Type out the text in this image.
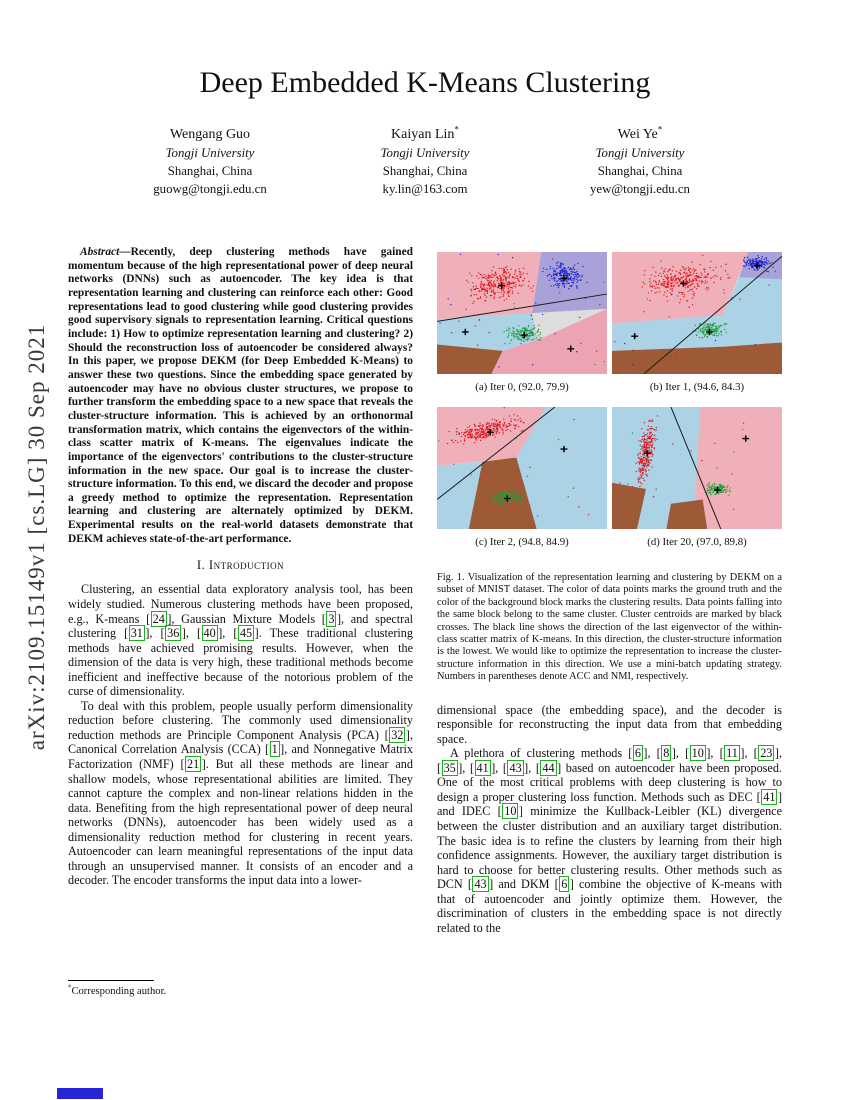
arXiv:2109.15149v1 [cs.LG] 30 Sep 2021
Deep Embedded K-Means Clustering
Wengang Guo
Tongji University
Shanghai, China
guowg@tongji.edu.cn
Kaiyan Lin*
Tongji University
Shanghai, China
ky.lin@163.com
Wei Ye*
Tongji University
Shanghai, China
yew@tongji.edu.cn

Abstract—Recently, deep clustering methods have gained momentum because of the high representational power of deep neural networks (DNNs) such as autoencoder. The key idea is that representation learning and clustering can reinforce each other: Good representations lead to good clustering while good clustering provides good supervisory signals to representation learning. Critical questions include: 1) How to optimize representation learning and clustering? 2) Should the reconstruction loss of autoencoder be considered always? In this paper, we propose DEKM (for Deep Embedded K-Means) to answer these two questions. Since the embedding space generated by autoencoder may have no obvious cluster structures, we propose to further transform the embedding space to a new space that reveals the cluster-structure information. This is achieved by an orthonormal transformation matrix, which contains the eigenvectors of the within-class scatter matrix of K-means. The eigenvalues indicate the importance of the eigenvectors' contributions to the cluster-structure information in the new space. Our goal is to increase the cluster-structure information. To this end, we discard the decoder and propose a greedy method to optimize the representation. Representation learning and clustering are alternately optimized by DEKM. Experimental results on the real-world datasets demonstrate that DEKM achieves state-of-the-art performance.

I. Introduction

Clustering, an essential data exploratory analysis tool, has been widely studied. Numerous clustering methods have been proposed, e.g., K-means [ 24 ], Gaussian Mixture Models [ 3 ], and spectral clustering [ 31 ], [ 36 ], [ 40 ], [ 45 ]. These traditional clustering methods have achieved promising results. However, when the dimension of the data is very high, these traditional methods become inefficient and ineffective because of the notorious problem of the curse of dimensionality.

To deal with this problem, people usually perform dimensionality reduction before clustering. The commonly used dimensionality reduction methods are Principle Component Analysis (PCA) [ 32 ], Canonical Correlation Analysis (CCA) [ 1 ], and Nonnegative Matrix Factorization (NMF) [ 21 ]. But all these methods are linear and shallow models, whose representational abilities are limited. They cannot capture the complex and non-linear relations hidden in the data. Benefiting from the high representational power of deep neural networks (DNNs), autoencoder has been widely used as a dimensionality reduction method for clustering in recent years. Autoencoder can learn meaningful representations of the input data through an unsupervised manner. It consists of an encoder and a decoder. The encoder transforms the input data into a lower-

(a) Iter 0, (92.0, 79.9)	(b) Iter 1, (94.6, 84.3)
(c) Iter 2, (94.8, 84.9)	(d) Iter 20, (97.0, 89.8)
Fig. 1. Visualization of the representation learning and clustering by DEKM on a subset of MNIST dataset. The color of data points marks the ground truth and the color of the background block marks the clustering results. Data points falling into the same block belong to the same cluster. Cluster centroids are marked by black crosses. The black line shows the direction of the last eigenvector of the within-class scatter matrix of K-means. In this direction, the cluster-structure information is the lowest. We would like to optimize the representation to increase the cluster-structure information in this direction. We use a mini-batch updating strategy. Numbers in parentheses denote ACC and NMI, respectively.

dimensional space (the embedding space), and the decoder is responsible for reconstructing the input data from that embedding space.

A plethora of clustering methods [ 6 ], [ 8 ], [ 10 ], [ 11 ], [ 23 ], [ 35 ], [ 41 ], [ 43 ], [ 44 ] based on autoencoder have been proposed. One of the most critical problems with deep clustering is how to design a proper clustering loss function. Methods such as DEC [ 41 ] and IDEC [ 10 ] minimize the Kullback-Leibler (KL) divergence between the cluster distribution and an auxiliary target distribution. The basic idea is to refine the clusters by learning from their high confidence assignments. However, the auxiliary target distribution is hard to choose for better clustering results. Other methods such as DCN [ 43 ] and DKM [ 6 ] combine the objective of K-means with that of autoencoder and jointly optimize them. However, the discrimination of clusters in the embedding space is not directly related to the

*Corresponding author.
